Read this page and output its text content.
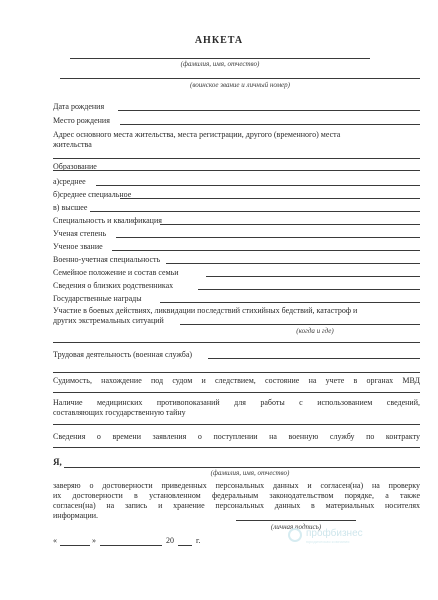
АНКЕТА
(фамилия, имя, отчество)
(воинское звание и личный номер)
Дата рождения
Место рождения
Адрес основного места жительства, места регистрации, другого (временного) места
жительства
Образование
а)среднее
б)среднее специальное
в) высшее
Специальность и квалификация
Ученая степень
Ученое звание
Военно-учетная специальность
Семейное положение и состав семьи
Сведения о близких родственниках
Государственные награды
Участие в боевых действиях, ликвидации последствий стихийных бедствий, катастроф и
других экстремальных ситуаций
(когда и где)
Трудовая деятельность (военная служба)
Судимость, нахождение под судом и следствием, состояние на учете в органах МВД
Наличие медицинских противопоказаний для работы с использованием сведений,
составляющих государственную тайну
Сведения о времени заявления о поступлении на военную службу по контракту
Я,
(фамилия, имя, отчество)
заверяю о достоверности приведенных персональных данных и согласен(на) на проверку
их достоверности в установленном федеральным законодательством порядке, а также
согласен(на) на запись и хранение персональных данных в материальных носителях
информации.
(личная подпись)
«	»	20	г.
профбизнес
юридическая компания
